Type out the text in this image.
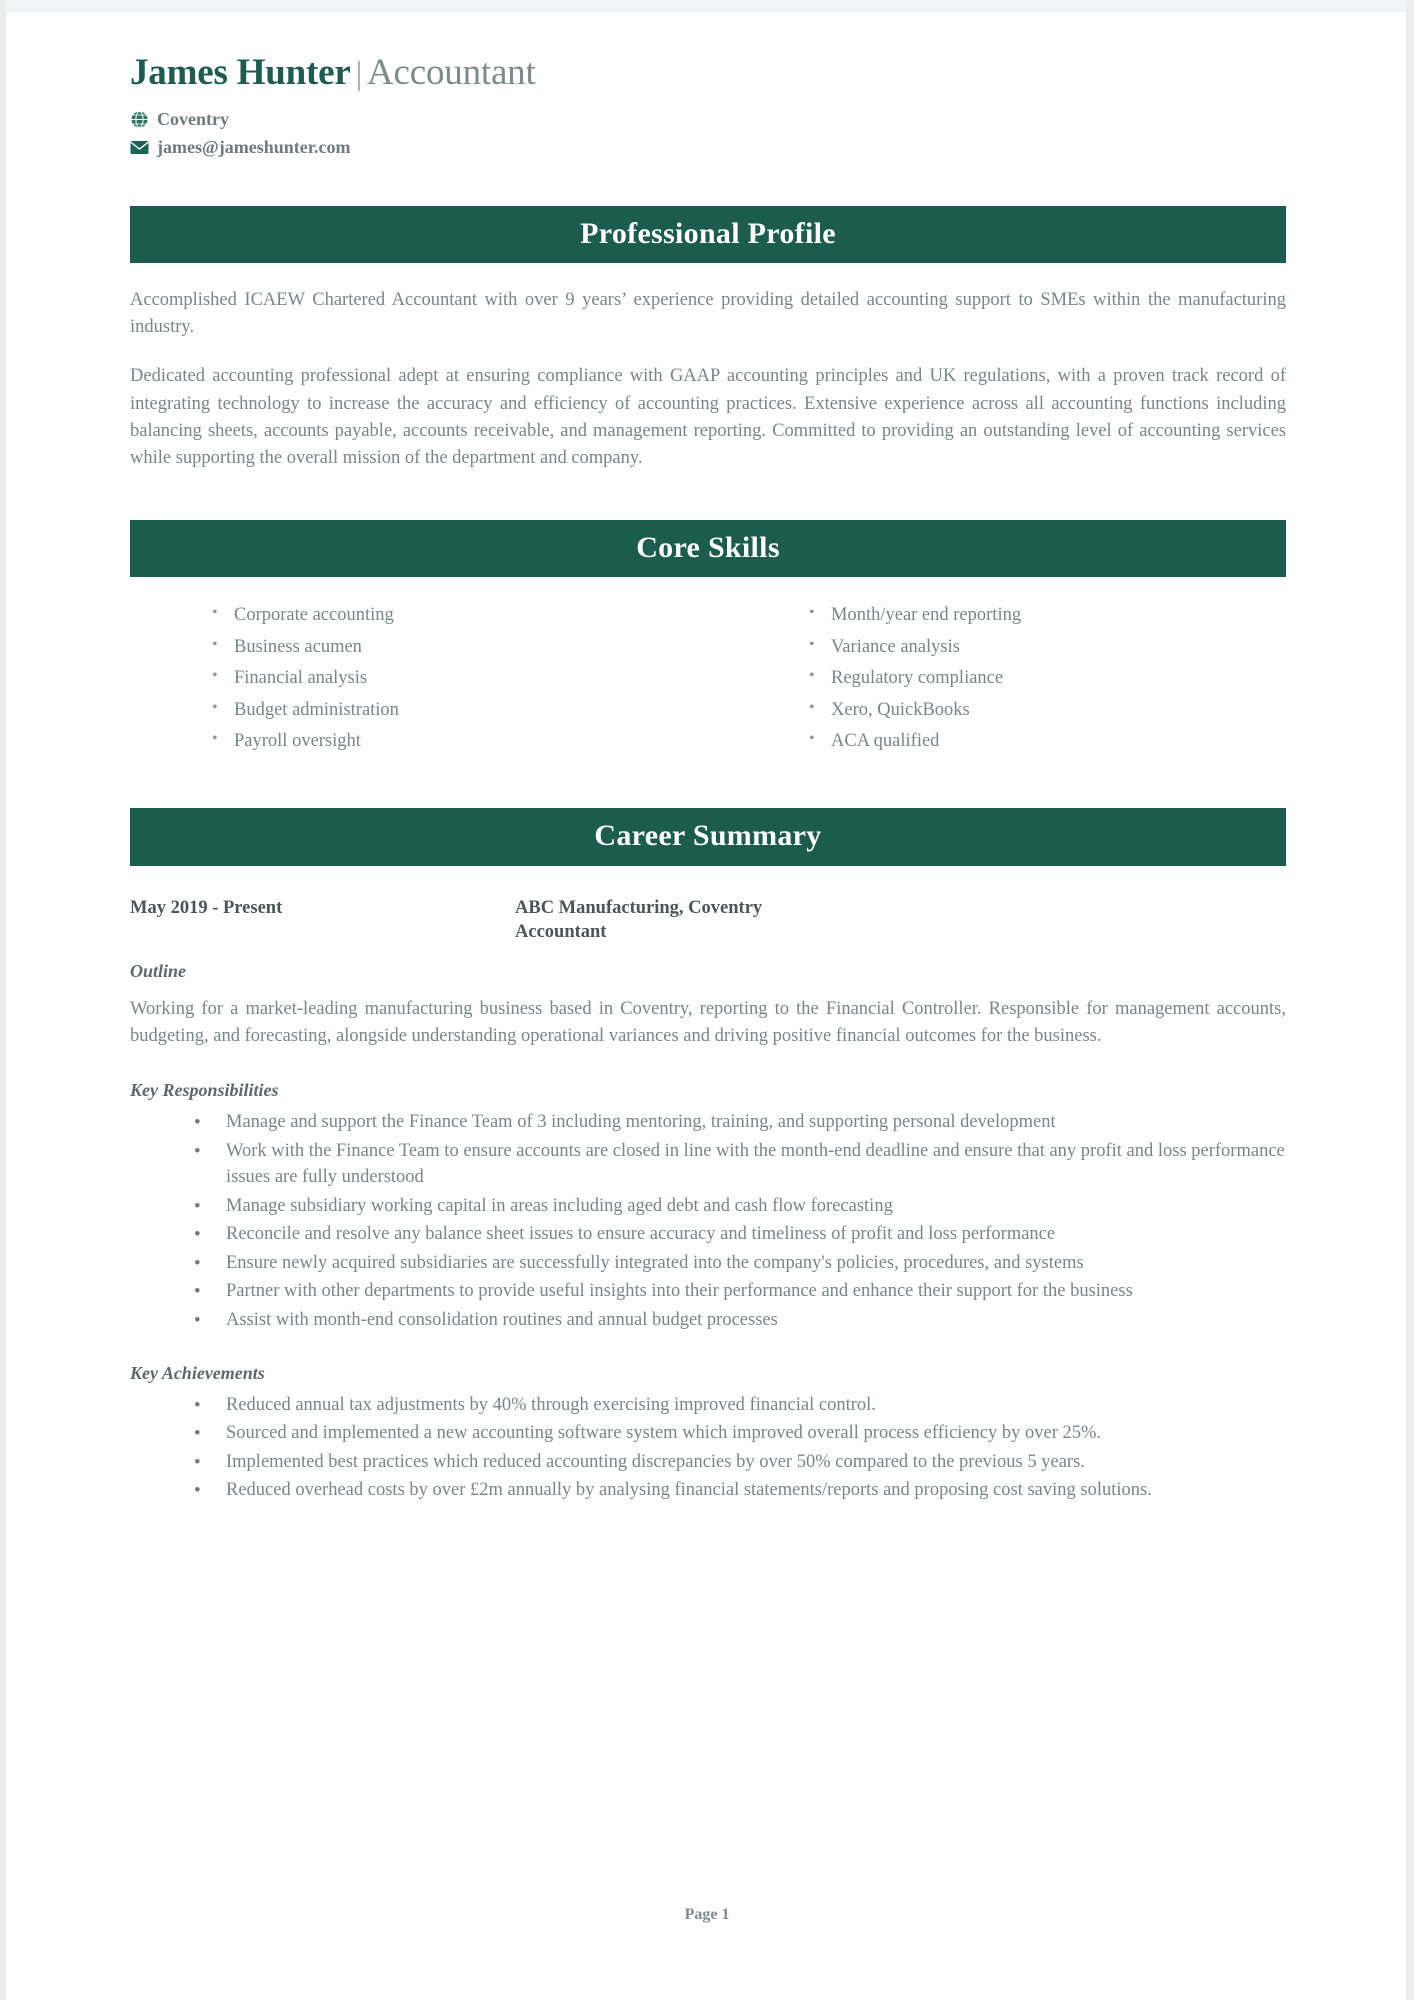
James Hunter | Accountant
Coventry
james@jameshunter.com
Professional Profile
Accomplished ICAEW Chartered Accountant with over 9 years’ experience providing detailed accounting support to SMEs within the manufacturing industry.
Dedicated accounting professional adept at ensuring compliance with GAAP accounting principles and UK regulations, with a proven track record of integrating technology to increase the accuracy and efficiency of accounting practices. Extensive experience across all accounting functions including balancing sheets, accounts payable, accounts receivable, and management reporting. Committed to providing an outstanding level of accounting services while supporting the overall mission of the department and company.
Core Skills
• Corporate accounting
• Business acumen
• Financial analysis
• Budget administration
• Payroll oversight
• Month/year end reporting
• Variance analysis
• Regulatory compliance
• Xero, QuickBooks
• ACA qualified
Career Summary
May 2019 - Present	ABC Manufacturing, Coventry
Accountant
Outline
Working for a market-leading manufacturing business based in Coventry, reporting to the Financial Controller. Responsible for management accounts, budgeting, and forecasting, alongside understanding operational variances and driving positive financial outcomes for the business.
Key Responsibilities
• Manage and support the Finance Team of 3 including mentoring, training, and supporting personal development
• Work with the Finance Team to ensure accounts are closed in line with the month-end deadline and ensure that any profit and loss performance issues are fully understood
• Manage subsidiary working capital in areas including aged debt and cash flow forecasting
• Reconcile and resolve any balance sheet issues to ensure accuracy and timeliness of profit and loss performance
• Ensure newly acquired subsidiaries are successfully integrated into the company's policies, procedures, and systems
• Partner with other departments to provide useful insights into their performance and enhance their support for the business
• Assist with month-end consolidation routines and annual budget processes
Key Achievements
• Reduced annual tax adjustments by 40% through exercising improved financial control.
• Sourced and implemented a new accounting software system which improved overall process efficiency by over 25%.
• Implemented best practices which reduced accounting discrepancies by over 50% compared to the previous 5 years.
• Reduced overhead costs by over £2m annually by analysing financial statements/reports and proposing cost saving solutions.
Page 1
